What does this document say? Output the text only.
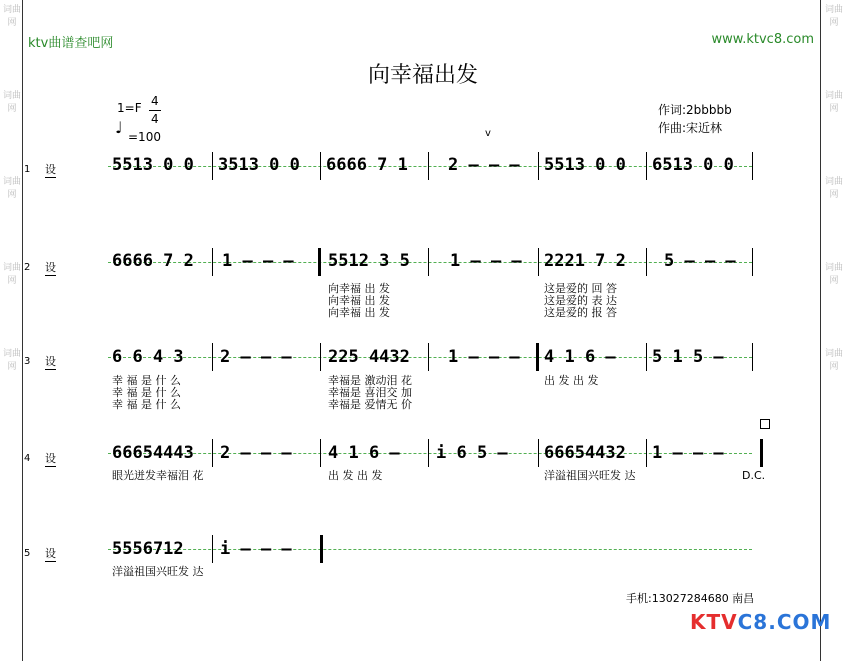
词曲网
词曲网
词曲网
词曲网
词曲网
词曲网
词曲网
词曲网
词曲网
词曲网
ktv曲谱查吧网	www.ktvc8.com
向幸福出发
1=F 4
4
♩ =100
作词:2bbbbb
作曲:宋近林
v
1 设
2 设
3 设
4 设
5 设
5513 0 0 3513 0 0 6666 7 1 2 — — — 5513 0 0 6513 0 0
6666 7 2 1 — — — 5512 3 5 1 — — — 2221 7 2 5 — — —
向幸福 出 发	这是爱的 回 答
向幸福 出 发	这是爱的 表 达
向幸福 出 发	这是爱的 报 答
6 6 4 3 2 — — — 225 4432 1 — — — 4 1 6 — 5 1 5 —
幸 福 是 什 么	幸福是 激动泪 花	出 发 出 发
幸 福 是 什 么	幸福是 喜泪交 加
幸 福 是 什 么	幸福是 爱情无 价
66654443 2 — — — 4 1 6 — i 6 5 — 66654432 1 — — —
眼光迸发幸福泪 花	出 发 出 发	洋溢祖国兴旺发 达	D.C.
5556712 i — — —
洋溢祖国兴旺发 达
手机:13027284680 南昌
KTVC8.COM
